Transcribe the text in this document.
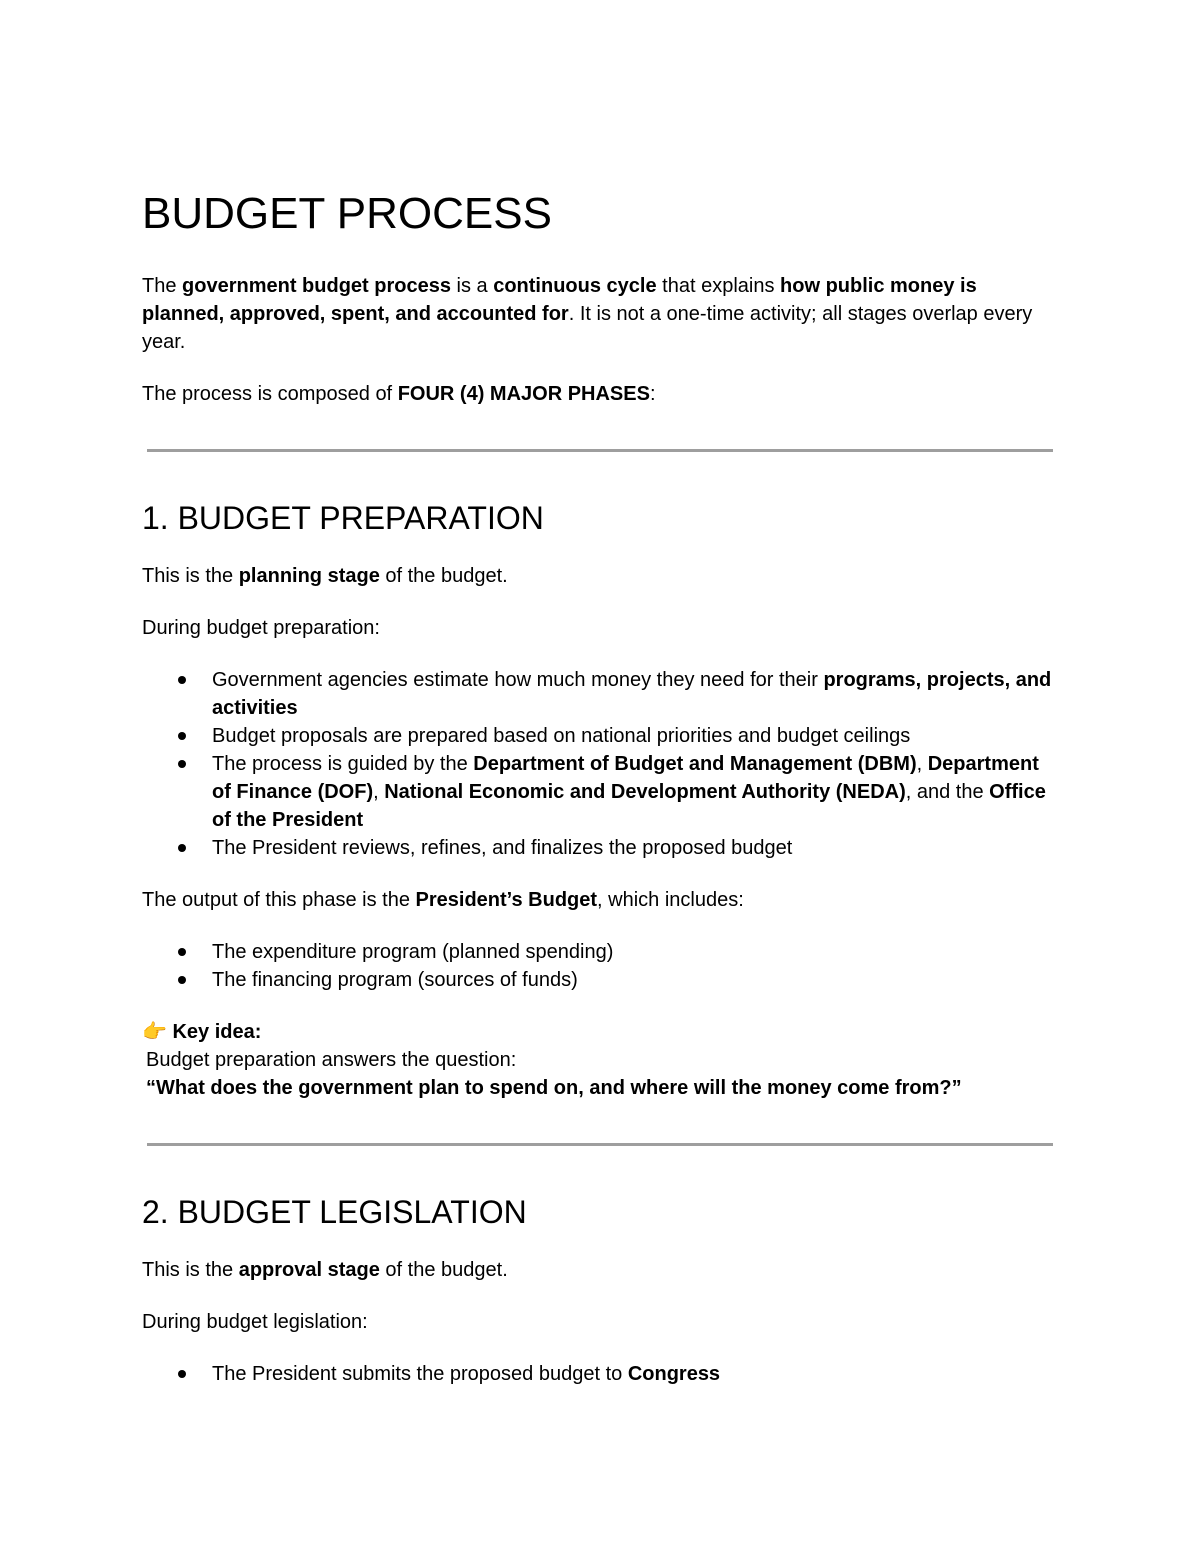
BUDGET PROCESS

The government budget process is a continuous cycle that explains how public money is planned, approved, spent, and accounted for. It is not a one-time activity; all stages overlap every year.

The process is composed of FOUR (4) MAJOR PHASES:

1. BUDGET PREPARATION

This is the planning stage of the budget.

During budget preparation:

Government agencies estimate how much money they need for their programs, projects, and activities
Budget proposals are prepared based on national priorities and budget ceilings
The process is guided by the Department of Budget and Management (DBM), Department of Finance (DOF), National Economic and Development Authority (NEDA), and the Office of the President
The President reviews, refines, and finalizes the proposed budget

The output of this phase is the President’s Budget, which includes:

The expenditure program (planned spending)
The financing program (sources of funds)

👉 Key idea:

Budget preparation answers the question:

“What does the government plan to spend on, and where will the money come from?”

2. BUDGET LEGISLATION

This is the approval stage of the budget.

During budget legislation:

The President submits the proposed budget to Congress
